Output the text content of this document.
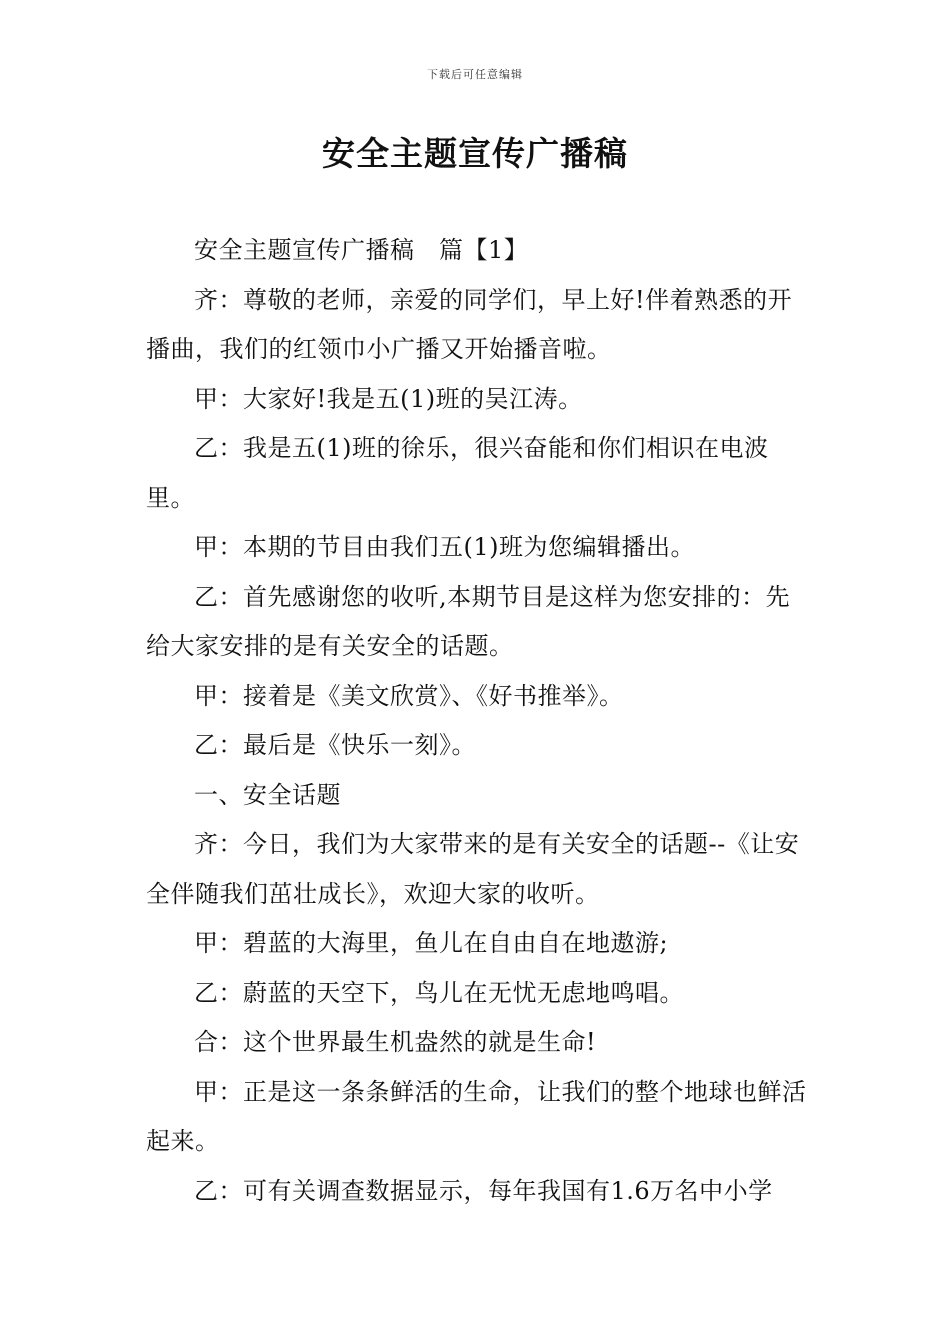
下载后可任意编辑
安全主题宣传广播稿

安全主题宣传广播稿　篇【1】

齐：尊敬的老师，亲爱的同学们，早上好!伴着熟悉的开播曲，我们的红领巾小广播又开始播音啦。

甲：大家好!我是五(1)班的吴江涛。

乙：我是五(1)班的徐乐，很兴奋能和你们相识在电波里。

甲：本期的节目由我们五(1)班为您编辑播出。

乙：首先感谢您的收听,本期节目是这样为您安排的：先给大家安排的是有关安全的话题。

甲：接着是《美文欣赏》、《好书推举》。

乙：最后是《快乐一刻》。

一、安全话题

齐：今日，我们为大家带来的是有关安全的话题--《让安全伴随我们茁壮成长》，欢迎大家的收听。

甲：碧蓝的大海里，鱼儿在自由自在地遨游;

乙：蔚蓝的天空下，鸟儿在无忧无虑地鸣唱。

合：这个世界最生机盎然的就是生命!

甲：正是这一条条鲜活的生命，让我们的整个地球也鲜活起来。

乙：可有关调查数据显示，每年我国有1.6万名中小学
